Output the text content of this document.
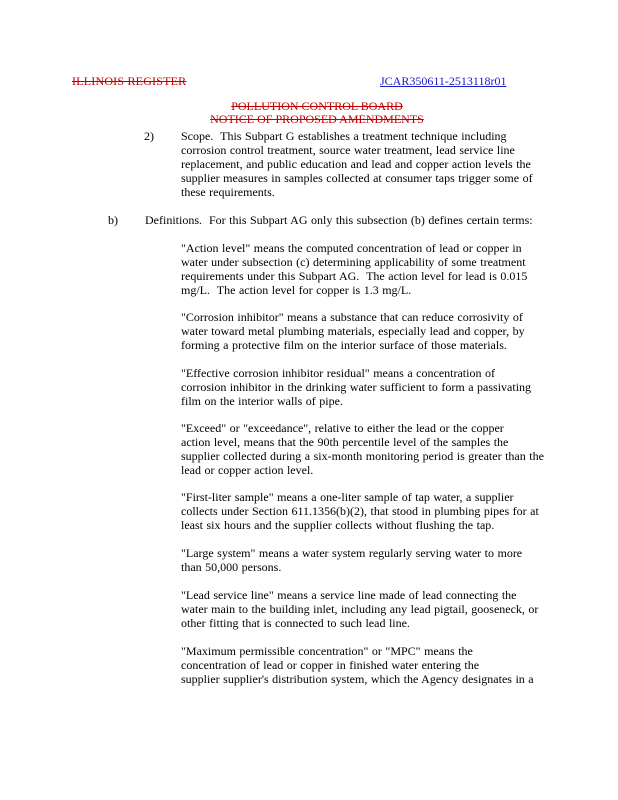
ILLINOIS REGISTER	JCAR350611-2513118r01
POLLUTION CONTROL BOARD
NOTICE OF PROPOSED AMENDMENTS
2) Scope.  This Subpart G establishes a treatment technique including
corrosion control treatment, source water treatment, lead service line
replacement, and public education and lead and copper action levels the
supplier measures in samples collected at consumer taps trigger some of
these requirements.
b) Definitions.  For this Subpart AG only this subsection (b) defines certain terms:
"Action level" means the computed concentration of lead or copper in
water under subsection (c) determining applicability of some treatment
requirements under this Subpart AG.  The action level for lead is 0.015
mg/L.  The action level for copper is 1.3 mg/L.
"Corrosion inhibitor" means a substance that can reduce corrosivity of
water toward metal plumbing materials, especially lead and copper, by
forming a protective film on the interior surface of those materials.
"Effective corrosion inhibitor residual" means a concentration of
corrosion inhibitor in the drinking water sufficient to form a passivating
film on the interior walls of pipe.
"Exceed" or "exceedance", relative to either the lead or the copper
action level, means that the 90th percentile level of the samples the
supplier collected during a six-month monitoring period is greater than the
lead or copper action level.
"First-liter sample" means a one-liter sample of tap water, a supplier
collects under Section 611.1356(b)(2), that stood in plumbing pipes for at
least six hours and the supplier collects without flushing the tap.
"Large system" means a water system regularly serving water to more
than 50,000 persons.
"Lead service line" means a service line made of lead connecting the
water main to the building inlet, including any lead pigtail, gooseneck, or
other fitting that is connected to such lead line.
"Maximum permissible concentration" or "MPC" means the
concentration of lead or copper in finished water entering the
supplier supplier's distribution system, which the Agency designates in a
